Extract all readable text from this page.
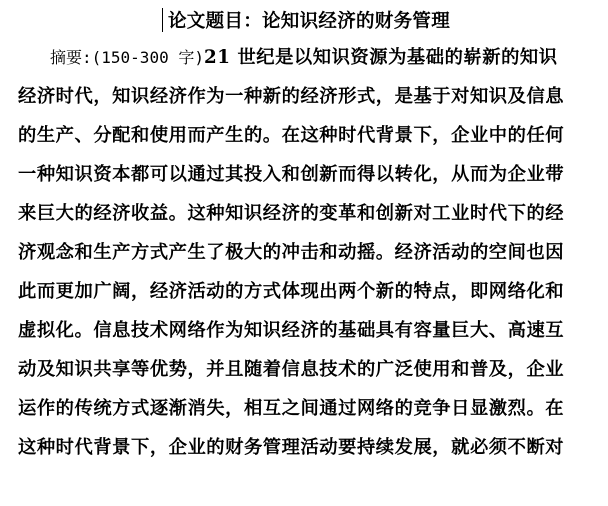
论文题目：论知识经济的财务管理
摘要:(150-300 字)21 世纪是以知识资源为基础的崭新的知识
经济时代，知识经济作为一种新的经济形式，是基于对知识及信息
的生产、分配和使用而产生的。在这种时代背景下，企业中的任何
一种知识资本都可以通过其投入和创新而得以转化，从而为企业带
来巨大的经济收益。这种知识经济的变革和创新对工业时代下的经
济观念和生产方式产生了极大的冲击和动摇。经济活动的空间也因
此而更加广阔，经济活动的方式体现出两个新的特点，即网络化和
虚拟化。信息技术网络作为知识经济的基础具有容量巨大、高速互
动及知识共享等优势，并且随着信息技术的广泛使用和普及，企业
运作的传统方式逐渐消失，相互之间通过网络的竞争日显激烈。在
这种时代背景下，企业的财务管理活动要持续发展，就必须不断对
